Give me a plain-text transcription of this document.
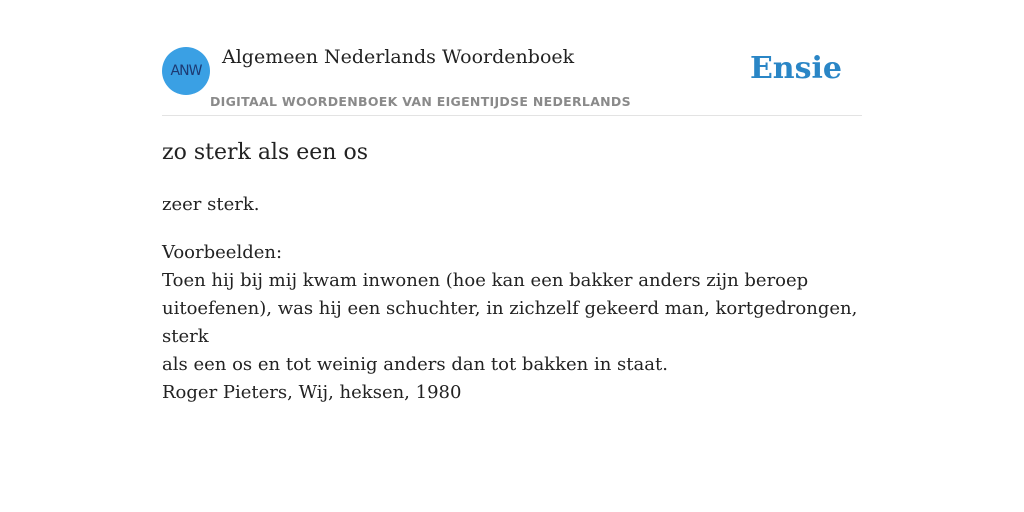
ANW
Algemeen Nederlands Woordenboek
DIGITAAL WOORDENBOEK VAN EIGENTIJDSE NEDERLANDS
Ensie
zo sterk als een os
zeer sterk.
Voorbeelden:
Toen hij bij mij kwam inwonen (hoe kan een bakker anders zijn beroep
uitoefenen), was hij een schuchter, in zichzelf gekeerd man, kortgedrongen, sterk
als een os en tot weinig anders dan tot bakken in staat.
Roger Pieters, Wij, heksen, 1980
